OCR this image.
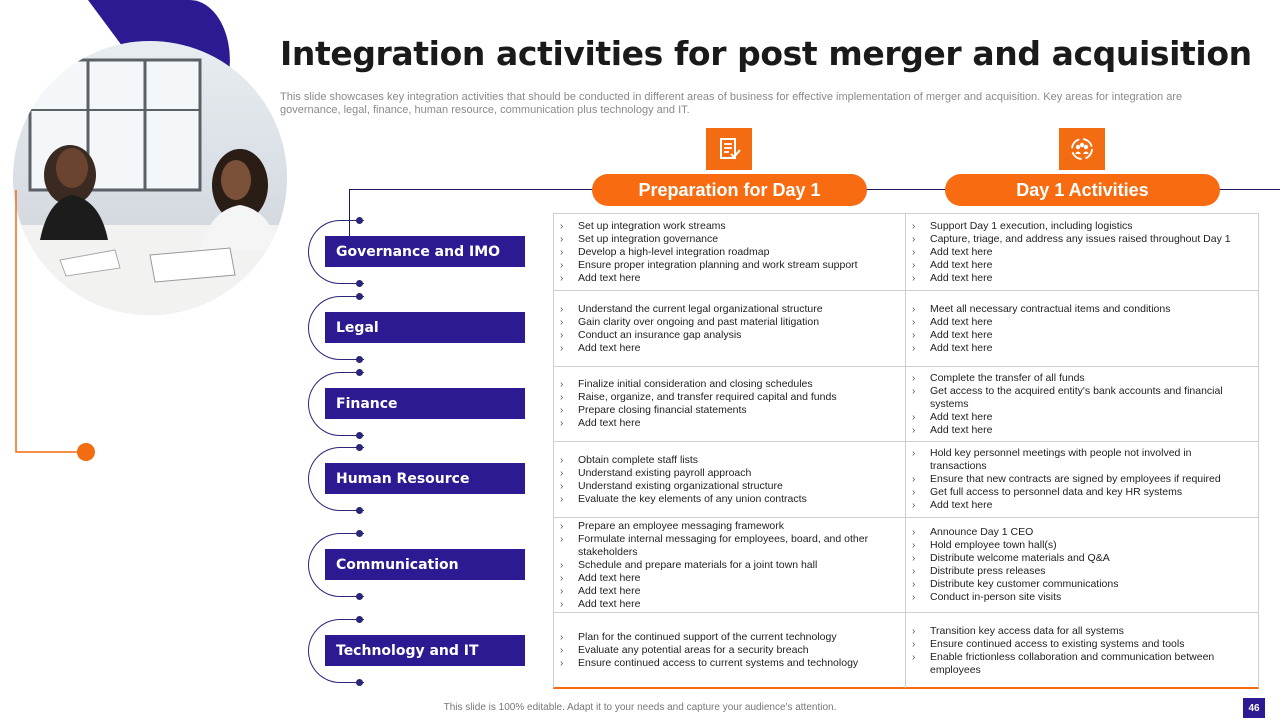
Integration activities for post merger and acquisition
This slide showcases key integration activities that should be conducted in different areas of business for effective implementation of merger and acquisition. Key areas for integration are governance, legal, finance, human resource, communication plus technology and IT.
Preparation for Day 1	Day 1 Activities
Governance and IMO
Legal
Finance
Human Resource
Communication
Technology and IT
› Set up integration work streams
› Set up integration governance
› Develop a high-level integration roadmap
› Ensure proper integration planning and work stream support
› Add text here
› Support Day 1 execution, including logistics
› Capture, triage, and address any issues raised throughout Day 1
› Add text here
› Add text here
› Add text here
› Understand the current legal organizational structure
› Gain clarity over ongoing and past material litigation
› Conduct an insurance gap analysis
› Add text here
› Meet all necessary contractual items and conditions
› Add text here
› Add text here
› Add text here
› Finalize initial consideration and closing schedules
› Raise, organize, and transfer required capital and funds
› Prepare closing financial statements
› Add text here
› Complete the transfer of all funds
› Get access to the acquired entity's bank accounts and financial systems
› Add text here
› Add text here
› Obtain complete staff lists
› Understand existing payroll approach
› Understand existing organizational structure
› Evaluate the key elements of any union contracts
› Hold key personnel meetings with people not involved in transactions
› Ensure that new contracts are signed by employees if required
› Get full access to personnel data and key HR systems
› Add text here
› Prepare an employee messaging framework
› Formulate internal messaging for employees, board, and other stakeholders
› Schedule and prepare materials for a joint town hall
› Add text here
› Add text here
› Add text here
› Announce Day 1 CEO
› Hold employee town hall(s)
› Distribute welcome materials and Q&A
› Distribute press releases
› Distribute key customer communications
› Conduct in-person site visits
› Plan for the continued support of the current technology
› Evaluate any potential areas for a security breach
› Ensure continued access to current systems and technology
› Transition key access data for all systems
› Ensure continued access to existing systems and tools
› Enable frictionless collaboration and communication between employees
This slide is 100% editable. Adapt it to your needs and capture your audience's attention.	46
